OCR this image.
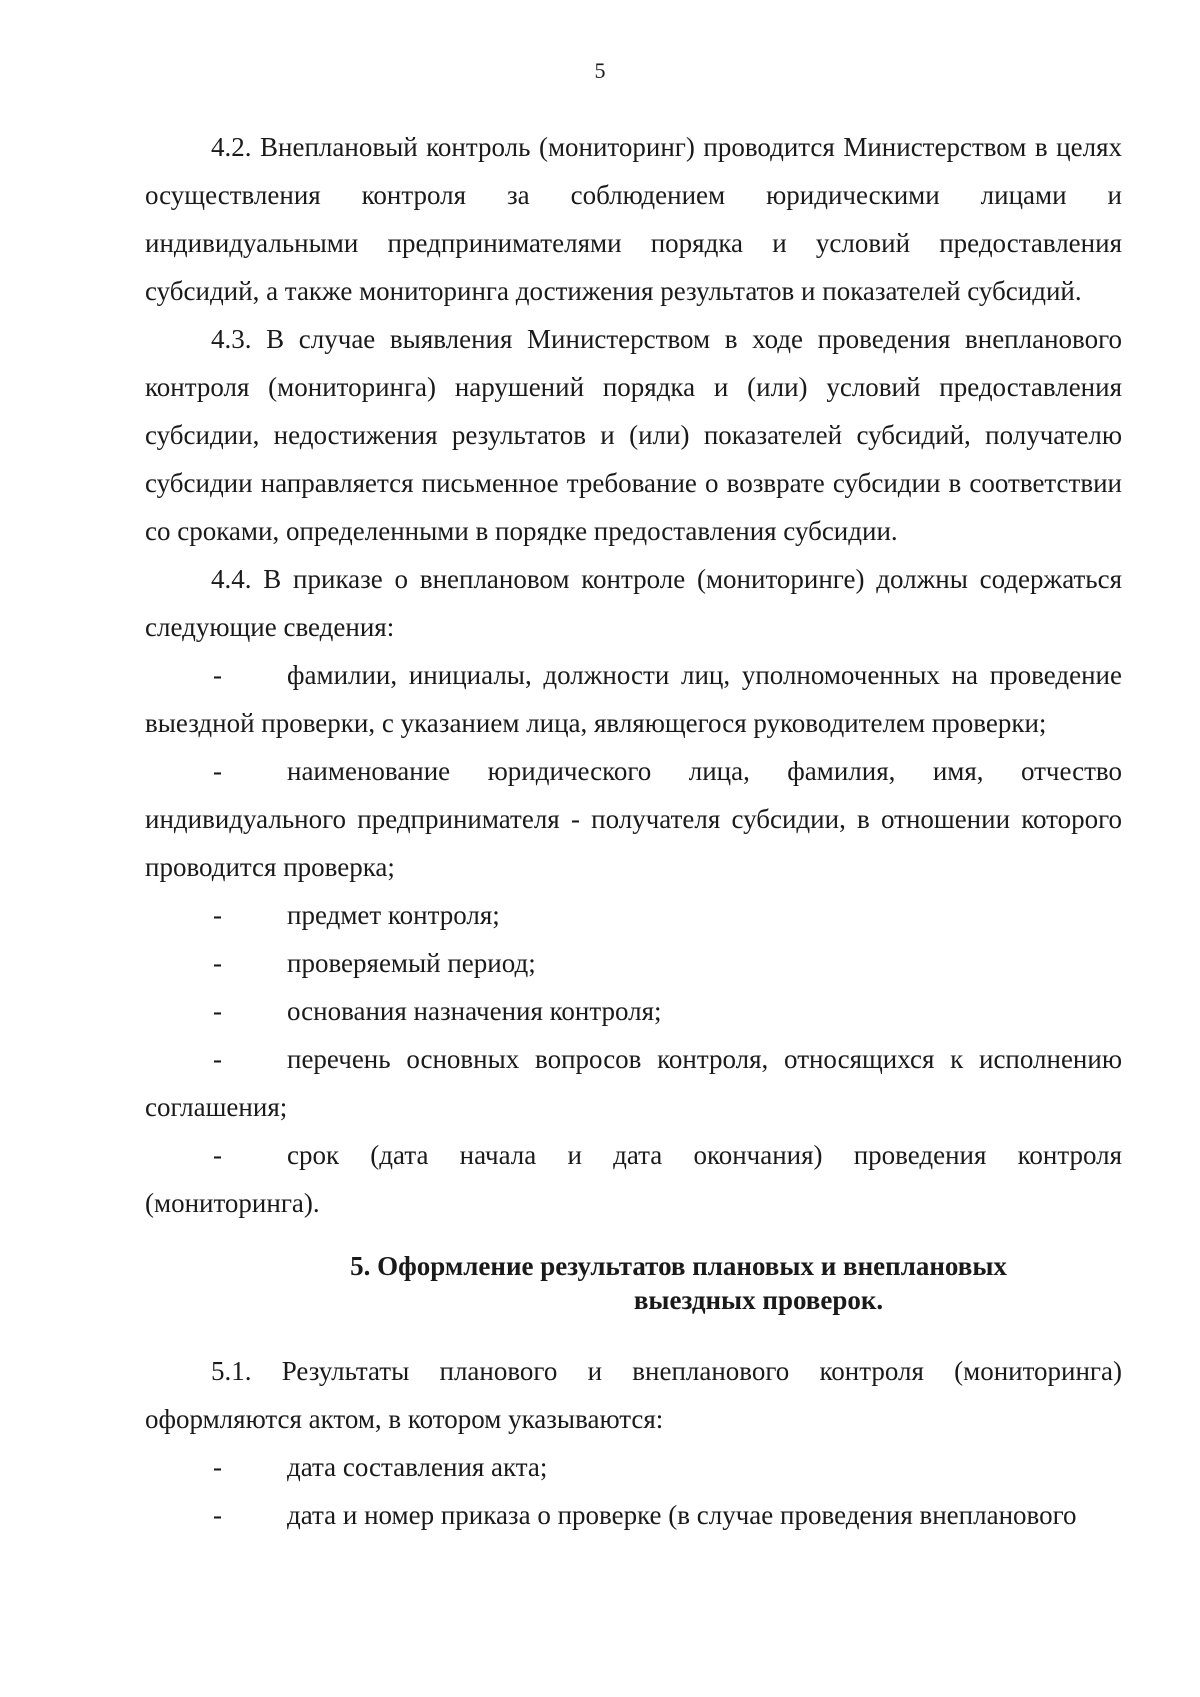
5

4.2. Внеплановый контроль (мониторинг) проводится Министерством в целях осуществления контроля за соблюдением юридическими лицами и индивидуальными предпринимателями порядка и условий предоставления субсидий, а также мониторинга достижения результатов и показателей субсидий.

4.3. В случае выявления Министерством в ходе проведения внепланового контроля (мониторинга) нарушений порядка и (или) условий предоставления субсидии, недостижения результатов и (или) показателей субсидий, получателю субсидии направляется письменное требование о возврате субсидии в соответствии со сроками, определенными в порядке предоставления субсидии.

4.4. В приказе о внеплановом контроле (мониторинге) должны содержаться следующие сведения:

-	фамилии, инициалы, должности лиц, уполномоченных на проведение выездной проверки, с указанием лица, являющегося руководителем проверки;

-	наименование юридического лица, фамилия, имя, отчество индивидуального предпринимателя - получателя субсидии, в отношении которого проводится проверка;

-	предмет контроля;

-	проверяемый период;

-	основания назначения контроля;

-	перечень основных вопросов контроля, относящихся к исполнению соглашения;

-	срок (дата начала и дата окончания) проведения контроля (мониторинга).

5. Оформление результатов плановых и внеплановых
выездных проверок.

5.1. Результаты планового и внепланового контроля (мониторинга) оформляются актом, в котором указываются:

-	дата составления акта;

-	дата и номер приказа о проверке (в случае проведения внепланового
